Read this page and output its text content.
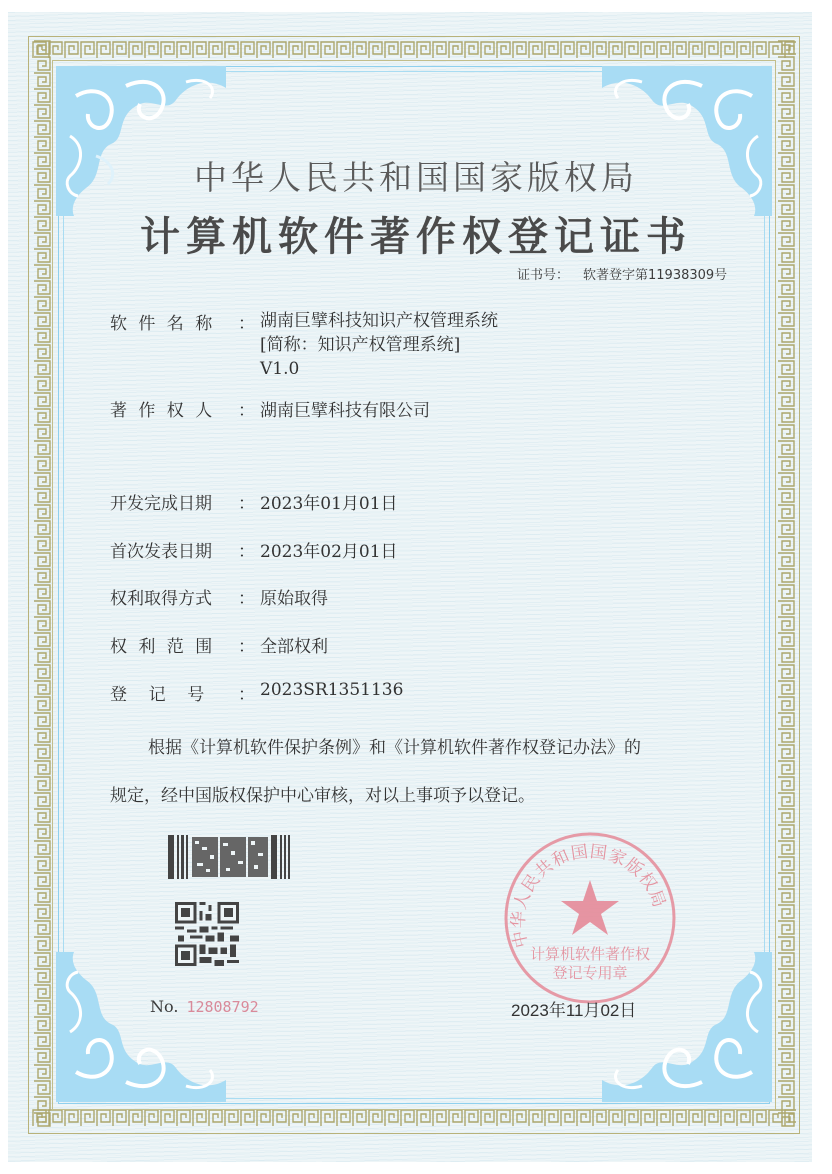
中华人民共和国国家版权局
计算机软件著作权登记证书
证书号： 软著登字第11938309号
软 件 名 称	： 湖南巨擘科技知识产权管理系统
[简称：知识产权管理系统]
V1.0
著 作 权 人	： 湖南巨擘科技有限公司
开发完成日期	： 2023年01月01日
首次发表日期	： 2023年02月01日
权利取得方式	： 原始取得
权 利 范 围	： 全部权利
登    记    号	： 2023SR1351136
根据《计算机软件保护条例》和《计算机软件著作权登记办法》的
规定，经中国版权保护中心审核，对以上事项予以登记。
No. 12808792
中华人民共和国国家版权局
计算机软件著作权
登记专用章
2023年11月02日
